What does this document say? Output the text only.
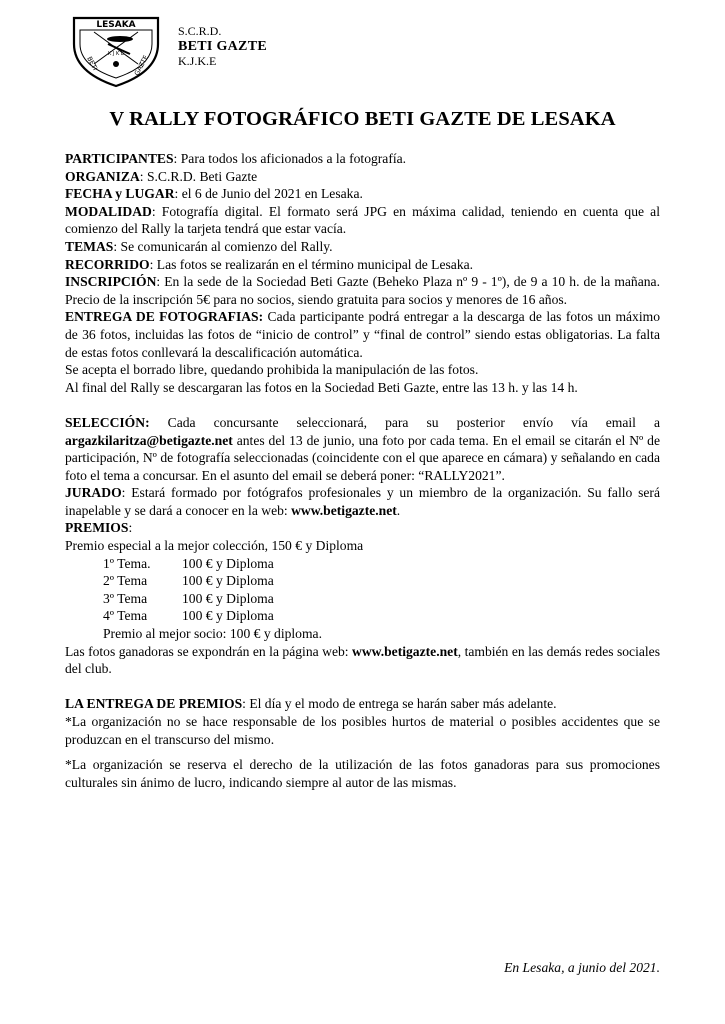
LESAKA
BETI	GAZTE
K J K E
S.C.R.D.
BETI GAZTE
K.J.K.E
V RALLY FOTOGRÁFICO BETI GAZTE DE LESAKA

PARTICIPANTES: Para todos los aficionados a la fotografía.

ORGANIZA: S.C.R.D. Beti Gazte

FECHA y LUGAR: el 6 de Junio del 2021 en Lesaka.

MODALIDAD: Fotografía digital. El formato será JPG en máxima calidad, teniendo en cuenta que al comienzo del Rally la tarjeta tendrá que estar vacía.

TEMAS: Se comunicarán al comienzo del Rally.

RECORRIDO: Las fotos se realizarán en el término municipal de Lesaka.

INSCRIPCIÓN: En la sede de la Sociedad Beti Gazte (Beheko Plaza nº 9 - 1º), de 9 a 10 h. de la mañana. Precio de la inscripción 5€ para no socios, siendo gratuita para socios y menores de 16 años.

ENTREGA DE FOTOGRAFIAS: Cada participante podrá entregar a la descarga de las fotos un máximo de 36 fotos, incluidas las fotos de “inicio de control” y “final de control” siendo estas obligatorias. La falta de estas fotos conllevará la descalificación automática.

Se acepta el borrado libre, quedando prohibida la manipulación de las fotos.

Al final del Rally se descargaran las fotos en la Sociedad Beti Gazte, entre las 13 h. y las 14 h.

SELECCIÓN: Cada concursante seleccionará, para su posterior envío vía email a argazkilaritza@betigazte.net antes del 13 de junio, una foto por cada tema. En el email se citarán el Nº de participación, Nº de fotografía seleccionadas (coincidente con el que aparece en cámara) y señalando en cada foto el tema a concursar. En el asunto del email se deberá poner: “RALLY2021”.

JURADO: Estará formado por fotógrafos profesionales y un miembro de la organización. Su fallo será inapelable y se dará a conocer en la web: www.betigazte.net.

PREMIOS:

Premio especial a la mejor colección, 150 € y Diploma

1º Tema.	100 € y Diploma
2º Tema	100 € y Diploma
3º Tema	100 € y Diploma
4º Tema	100 € y Diploma

Premio al mejor socio: 100 € y diploma.

Las fotos ganadoras se expondrán en la página web: www.betigazte.net, también en las demás redes sociales del club.

LA ENTREGA DE PREMIOS: El día y el modo de entrega se harán saber más adelante.

*La organización no se hace responsable de los posibles hurtos de material o posibles accidentes que se produzcan en el transcurso del mismo.

*La organización se reserva el derecho de la utilización de las fotos ganadoras para sus promociones culturales sin ánimo de lucro, indicando siempre al autor de las mismas.

En Lesaka, a junio del 2021.
